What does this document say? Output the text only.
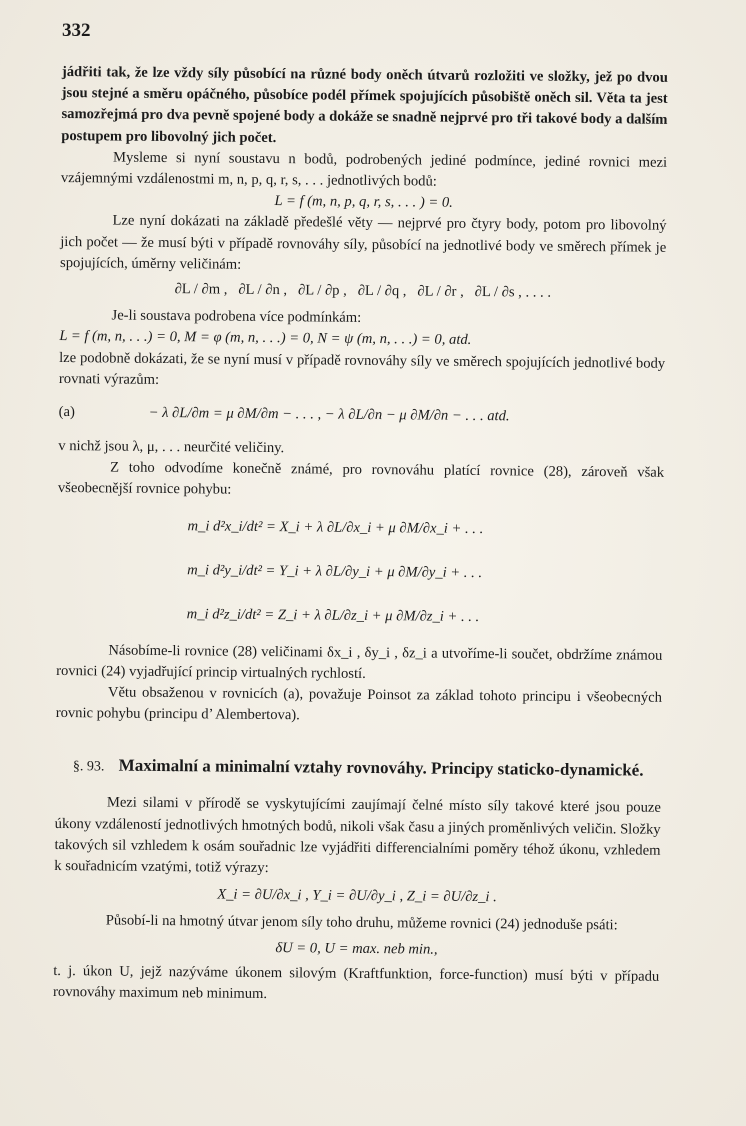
332

jádřiti tak, že lze vždy síly působící na různé body oněch útvarů rozložiti ve složky, jež po dvou jsou stejné a směru opáčného, působíce podél přímek spojujících působiště oněch sil. Věta ta jest samozřejmá pro dva pevně spojené body a dokáže se snadně nejprvé pro tři takové body a dalším postupem pro libovolný jich počet.

Mysleme si nyní soustavu n bodů, podrobených jediné podmínce, jediné rovnici mezi vzájemnými vzdálenostmi m, n, p, q, r, s, . . . jednotlivých bodů:

L = f (m, n, p, q, r, s, . . . ) = 0.

Lze nyní dokázati na základě předešlé věty — nejprvé pro čtyry body, potom pro libovolný jich počet — že musí býti v případě rovnováhy síly, působící na jednotlivé body ve směrech přímek je spojujících, úměrny veličinám:

∂L / ∂m , ∂L / ∂n , ∂L / ∂p , ∂L / ∂q , ∂L / ∂r , ∂L / ∂s , . . . .

Je-li soustava podrobena více podmínkám:

L = f (m, n, . . .) = 0, M = φ (m, n, . . .) = 0, N = ψ (m, n, . . .) = 0, atd.

lze podobně dokázati, že se nyní musí v případě rovnováhy síly ve směrech spojujících jednotlivé body rovnati výrazům:

(a)	− λ ∂L/∂m = μ ∂M/∂m − . . . , − λ ∂L/∂n − μ ∂M/∂n − . . . atd.

v nichž jsou λ, μ, . . . neurčité veličiny.

Z toho odvodíme konečně známé, pro rovnováhu platící rovnice (28), zároveň však všeobecnější rovnice pohybu:

m_i d²x_i/dt² = X_i + λ ∂L/∂x_i + μ ∂M/∂x_i + . . .
m_i d²y_i/dt² = Y_i + λ ∂L/∂y_i + μ ∂M/∂y_i + . . .
m_i d²z_i/dt² = Z_i + λ ∂L/∂z_i + μ ∂M/∂z_i + . . .

Násobíme-li rovnice (28) veličinami δx_i , δy_i , δz_i a utvoříme-li součet, obdržíme známou rovnici (24) vyjadřující princip virtualných rychlostí.

Větu obsaženou v rovnicích (a), považuje Poinsot za základ tohoto principu i všeobecných rovnic pohybu (principu d’ Alembertova).

§. 93. Maximalní a minimalní vztahy rovnováhy. Principy staticko-dynamické.

Mezi silami v přírodě se vyskytujícími zaujímají čelné místo síly takové které jsou pouze úkony vzdáleností jednotlivých hmotných bodů, nikoli však času a jiných proměnlivých veličin. Složky takových sil vzhledem k osám souřadnic lze vyjádřiti differencialními poměry téhož úkonu, vzhledem k souřadnicím vzatými, totiž výrazy:

X_i = ∂U/∂x_i , Y_i = ∂U/∂y_i , Z_i = ∂U/∂z_i .

Působí-li na hmotný útvar jenom síly toho druhu, můžeme rovnici (24) jednoduše psáti:

δU = 0, U = max. neb min.,

t. j. úkon U, jejž nazýváme úkonem silovým (Kraftfunktion, force-function) musí býti v případu rovnováhy maximum neb minimum.
